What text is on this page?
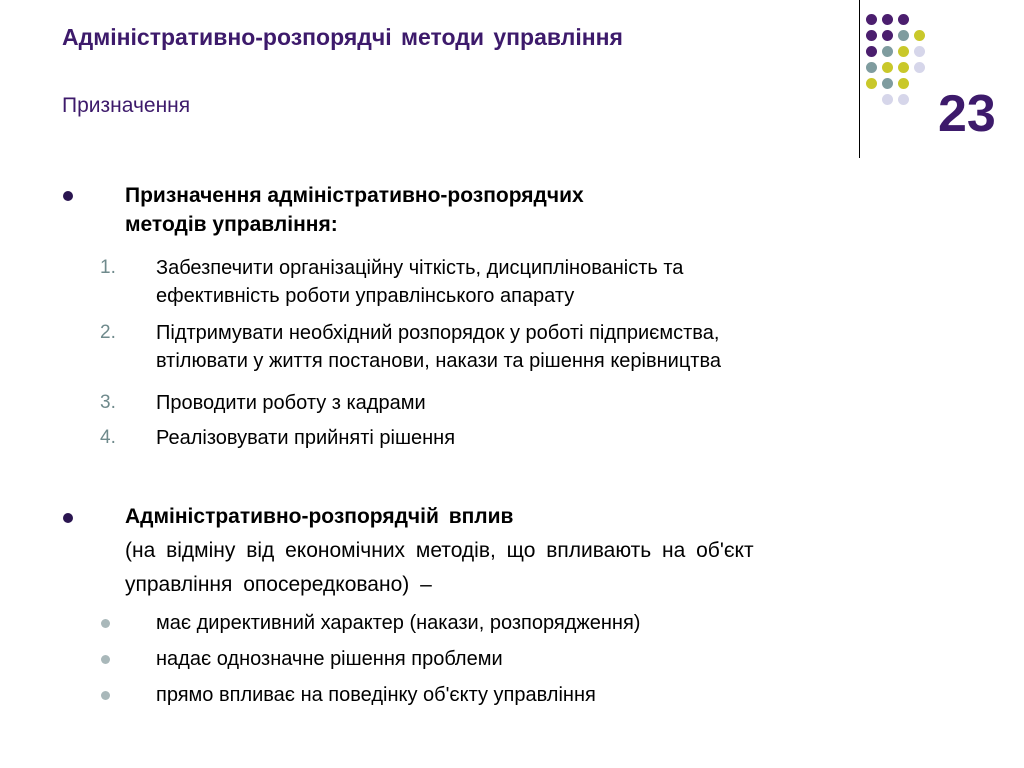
Адміністративно-розпорядчі методи управління
Призначення	23
Призначення адміністративно-розпорядчих
методів управління:
1. Забезпечити організаційну чіткість, дисциплінованість та
ефективність роботи управлінського апарату
2. Підтримувати необхідний розпорядок у роботі підприємства,
втілювати у життя постанови, накази та рішення керівництва
3. Проводити роботу з кадрами
4. Реалізовувати прийняті рішення
Адміністративно-розпорядчій вплив
(на відміну від економічних методів, що впливають на об'єкт
управління опосередковано) –
має директивний характер (накази, розпорядження)
надає однозначне рішення проблеми
прямо впливає на поведінку об'єкту управління
